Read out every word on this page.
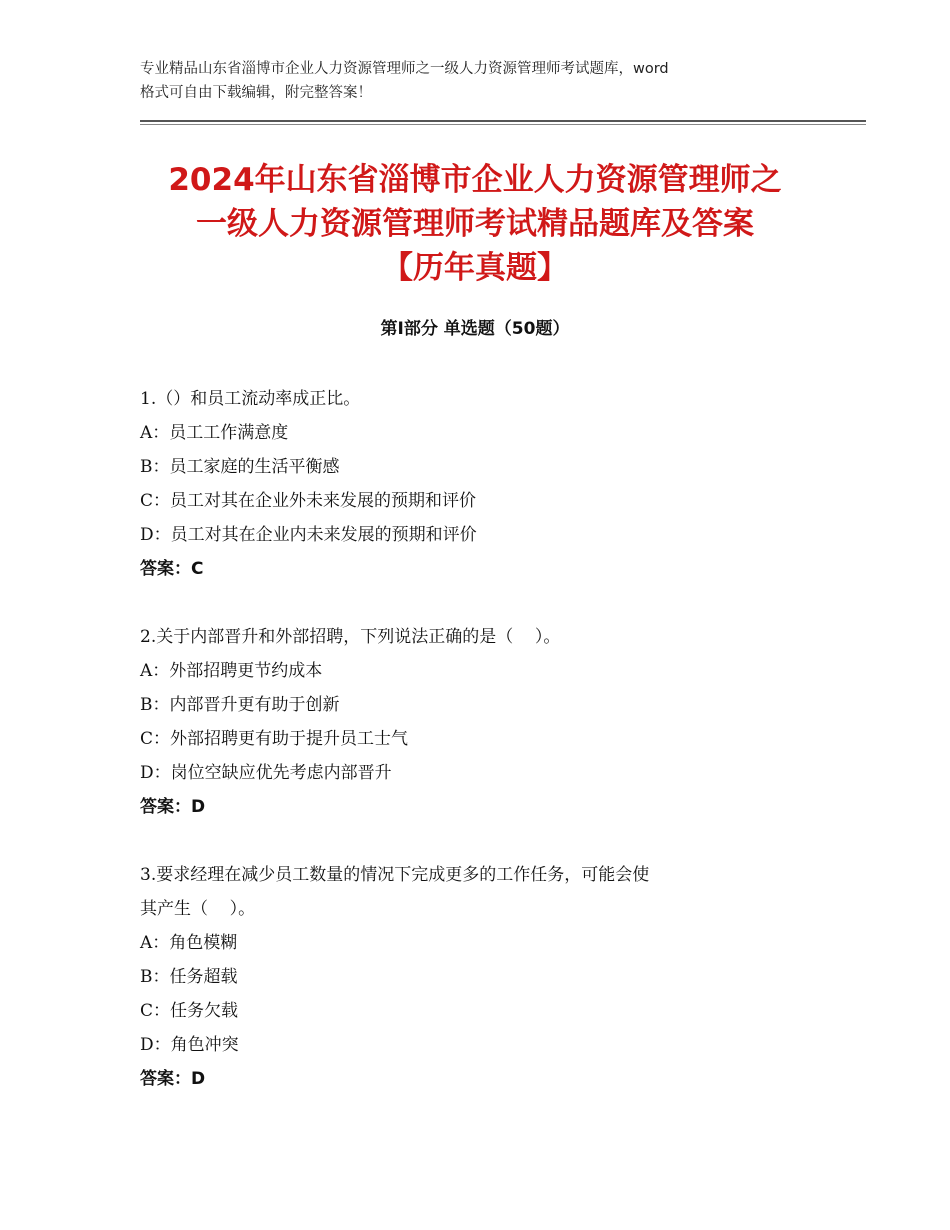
专业精品山东省淄博市企业人力资源管理师之一级人力资源管理师考试题库，word
格式可自由下载编辑，附完整答案！
2024年山东省淄博市企业人力资源管理师之
一级人力资源管理师考试精品题库及答案
【历年真题】
第Ⅰ部分 单选题（50题）
1.（）和员工流动率成正比。
A：员工工作满意度
B：员工家庭的生活平衡感
C：员工对其在企业外未来发展的预期和评价
D：员工对其在企业内未来发展的预期和评价
答案：C
2.关于内部晋升和外部招聘，下列说法正确的是（    ）。
A：外部招聘更节约成本
B：内部晋升更有助于创新
C：外部招聘更有助于提升员工士气
D：岗位空缺应优先考虑内部晋升
答案：D
3.要求经理在减少员工数量的情况下完成更多的工作任务，可能会使
其产生（    ）。
A：角色模糊
B：任务超载
C：任务欠载
D：角色冲突
答案：D
